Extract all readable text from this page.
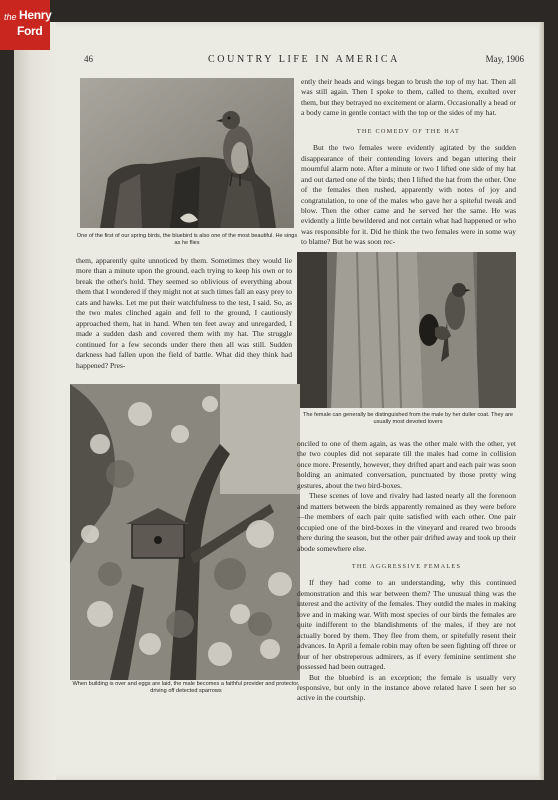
46	COUNTRY LIFE IN AMERICA	May, 1906
One of the first of our spring birds, the bluebird is also one of the most beautiful. He sings as he flies
The female can generally be distinguished from the male by her duller coat. They are usually most devoted lovers
When building is over and eggs are laid, the male becomes a faithful provider and protector, driving off detected sparrows

ently their heads and wings began to brush the top of my hat. Then all was still again. Then I spoke to them, called to them, exulted over them, but they betrayed no excitement or alarm. Occasionally a head or a body came in gentle contact with the top or the sides of my hat.

THE COMEDY OF THE HAT

But the two females were evidently agitated by the sudden disappearance of their contending lovers and began uttering their mournful alarm note. After a minute or two I lifted one side of my hat and out darted one of the birds; then I lifted the hat from the other. One of the females then rushed, apparently with notes of joy and congratulation, to one of the males who gave her a spiteful tweak and blow. Then the other came and he served her the same. He was evidently a little bewildered and not certain what had happened or who was responsible for it. Did he think the two females were in some way to blame? But he was soon rec-

them, apparently quite unnoticed by them. Sometimes they would lie more than a minute upon the ground, each trying to keep his own or to break the other's hold. They seemed so oblivious of everything about them that I wondered if they might not at such times fall an easy prey to cats and hawks. Let me put their watchfulness to the test, I said. So, as the two males clinched again and fell to the ground, I cautiously approached them, hat in hand. When ten feet away and unregarded, I made a sudden dash and covered them with my hat. The struggle continued for a few seconds under there then all was still. Sudden darkness had fallen upon the field of battle. What did they think had happened? Pres-

onciled to one of them again, as was the other male with the other, yet the two couples did not separate till the males had come in collision once more. Presently, however, they drifted apart and each pair was soon holding an animated conversation, punctuated by those pretty wing gestures, about the two bird-boxes.

These scenes of love and rivalry had lasted nearly all the forenoon and matters between the birds apparently remained as they were before—the members of each pair quite satisfied with each other. One pair occupied one of the bird-boxes in the vineyard and reared two broods there during the season, but the other pair drifted away and took up their abode somewhere else.

THE AGGRESSIVE FEMALES

If they had come to an understanding, why this continued demonstration and this war between them? The unusual thing was the interest and the activity of the females. They outdid the males in making love and in making war. With most species of our birds the females are quite indifferent to the blandishments of the males, if they are not actually bored by them. They flee from them, or spitefully resent their advances. In April a female robin may often be seen fighting off three or four of her obstreperous admirers, as if every feminine sentiment she possessed had been outraged.

But the bluebird is an exception; the female is usually very responsive, but only in the instance above related have I seen her so active in the courtship.

the Henry
Ford
